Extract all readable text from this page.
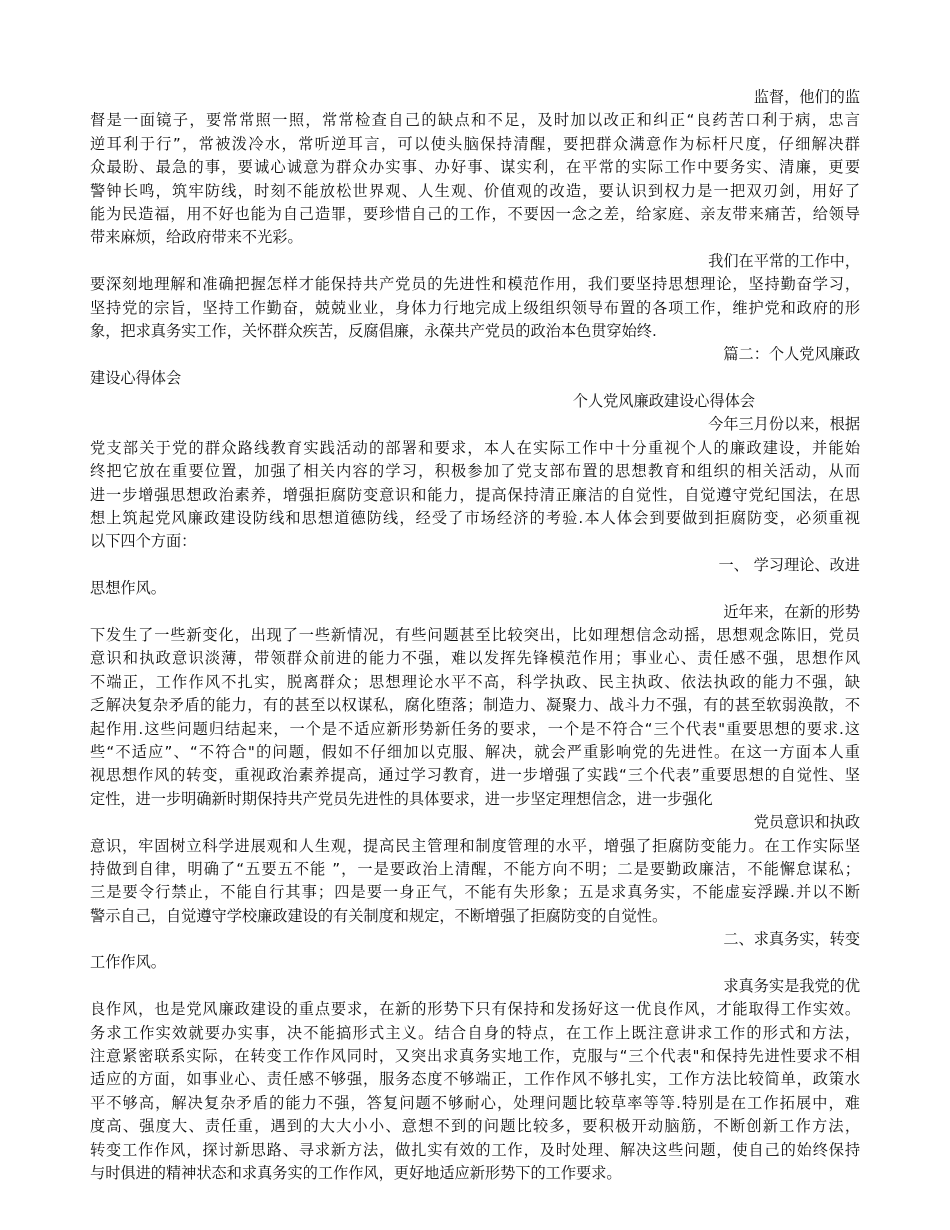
监督，他们的监
督是一面镜子，要常常照一照，常常检查自己的缺点和不足，及时加以改正和纠正“良药苦口利于病，忠言
逆耳利于行”，常被泼冷水，常听逆耳言，可以使头脑保持清醒，要把群众满意作为标杆尺度，仔细解决群
众最盼、最急的事，要诚心诚意为群众办实事、办好事、谋实利，在平常的实际工作中要务实、清廉，更要
警钟长鸣，筑牢防线，时刻不能放松世界观、人生观、价值观的改造，要认识到权力是一把双刃剑，用好了
能为民造福，用不好也能为自己造罪，要珍惜自己的工作，不要因一念之差，给家庭、亲友带来痛苦，给领导
带来麻烦，给政府带来不光彩。
我们在平常的工作中，
要深刻地理解和准确把握怎样才能保持共产党员的先进性和模范作用，我们要坚持思想理论，坚持勤奋学习，
坚持党的宗旨，坚持工作勤奋，兢兢业业，身体力行地完成上级组织领导布置的各项工作，维护党和政府的形
象，把求真务实工作，关怀群众疾苦，反腐倡廉，永葆共产党员的政治本色贯穿始终.
篇二：个人党风廉政
建设心得体会
个人党风廉政建设心得体会
今年三月份以来，根据
党支部关于党的群众路线教育实践活动的部署和要求，本人在实际工作中十分重视个人的廉政建设，并能始
终把它放在重要位置，加强了相关内容的学习，积极参加了党支部布置的思想教育和组织的相关活动，从而
进一步增强思想政治素养，增强拒腐防变意识和能力，提高保持清正廉洁的自觉性，自觉遵守党纪国法，在思
想上筑起党风廉政建设防线和思想道德防线，经受了市场经济的考验.本人体会到要做到拒腐防变，必须重视
以下四个方面：
一、 学习理论、改进
思想作风。
近年来，在新的形势
下发生了一些新变化，出现了一些新情况，有些问题甚至比较突出，比如理想信念动摇，思想观念陈旧，党员
意识和执政意识淡薄，带领群众前进的能力不强，难以发挥先锋模范作用；事业心、责任感不强，思想作风
不端正，工作作风不扎实，脱离群众；思想理论水平不高，科学执政、民主执政、依法执政的能力不强，缺
乏解决复杂矛盾的能力，有的甚至以权谋私，腐化堕落；制造力、凝聚力、战斗力不强，有的甚至软弱涣散，不
起作用.这些问题归结起来，一个是不适应新形势新任务的要求，一个是不符合“三个代表"重要思想的要求.这
些“不适应”、“不符合"的问题，假如不仔细加以克服、解决，就会严重影响党的先进性。在这一方面本人重
视思想作风的转变，重视政治素养提高，通过学习教育，进一步增强了实践“三个代表”重要思想的自觉性、坚
定性，进一步明确新时期保持共产党员先进性的具体要求，进一步坚定理想信念，进一步强化
党员意识和执政
意识，牢固树立科学进展观和人生观，提高民主管理和制度管理的水平，增强了拒腐防变能力。在工作实际坚
持做到自律，明确了“五要五不能 ”，一是要政治上清醒，不能方向不明；二是要勤政廉洁，不能懈怠谋私；
三是要令行禁止，不能自行其事；四是要一身正气，不能有失形象；五是求真务实，不能虚妄浮躁.并以不断
警示自己，自觉遵守学校廉政建设的有关制度和规定，不断增强了拒腐防变的自觉性。
二、求真务实，转变
工作作风。
求真务实是我党的优
良作风，也是党风廉政建设的重点要求，在新的形势下只有保持和发扬好这一优良作风，才能取得工作实效。
务求工作实效就要办实事，决不能搞形式主义。结合自身的特点，在工作上既注意讲求工作的形式和方法，
注意紧密联系实际，在转变工作作风同时，又突出求真务实地工作，克服与“三个代表"和保持先进性要求不相
适应的方面，如事业心、责任感不够强，服务态度不够端正，工作作风不够扎实，工作方法比较简单，政策水
平不够高，解决复杂矛盾的能力不强，答复问题不够耐心，处理问题比较草率等等.特别是在工作拓展中，难
度高、强度大、责任重，遇到的大大小小、意想不到的问题比较多，要积极开动脑筋，不断创新工作方法，
转变工作作风，探讨新思路、寻求新方法，做扎实有效的工作，及时处理、解决这些问题，使自己的始终保持
与时俱进的精神状态和求真务实的工作作风，更好地适应新形势下的工作要求。
